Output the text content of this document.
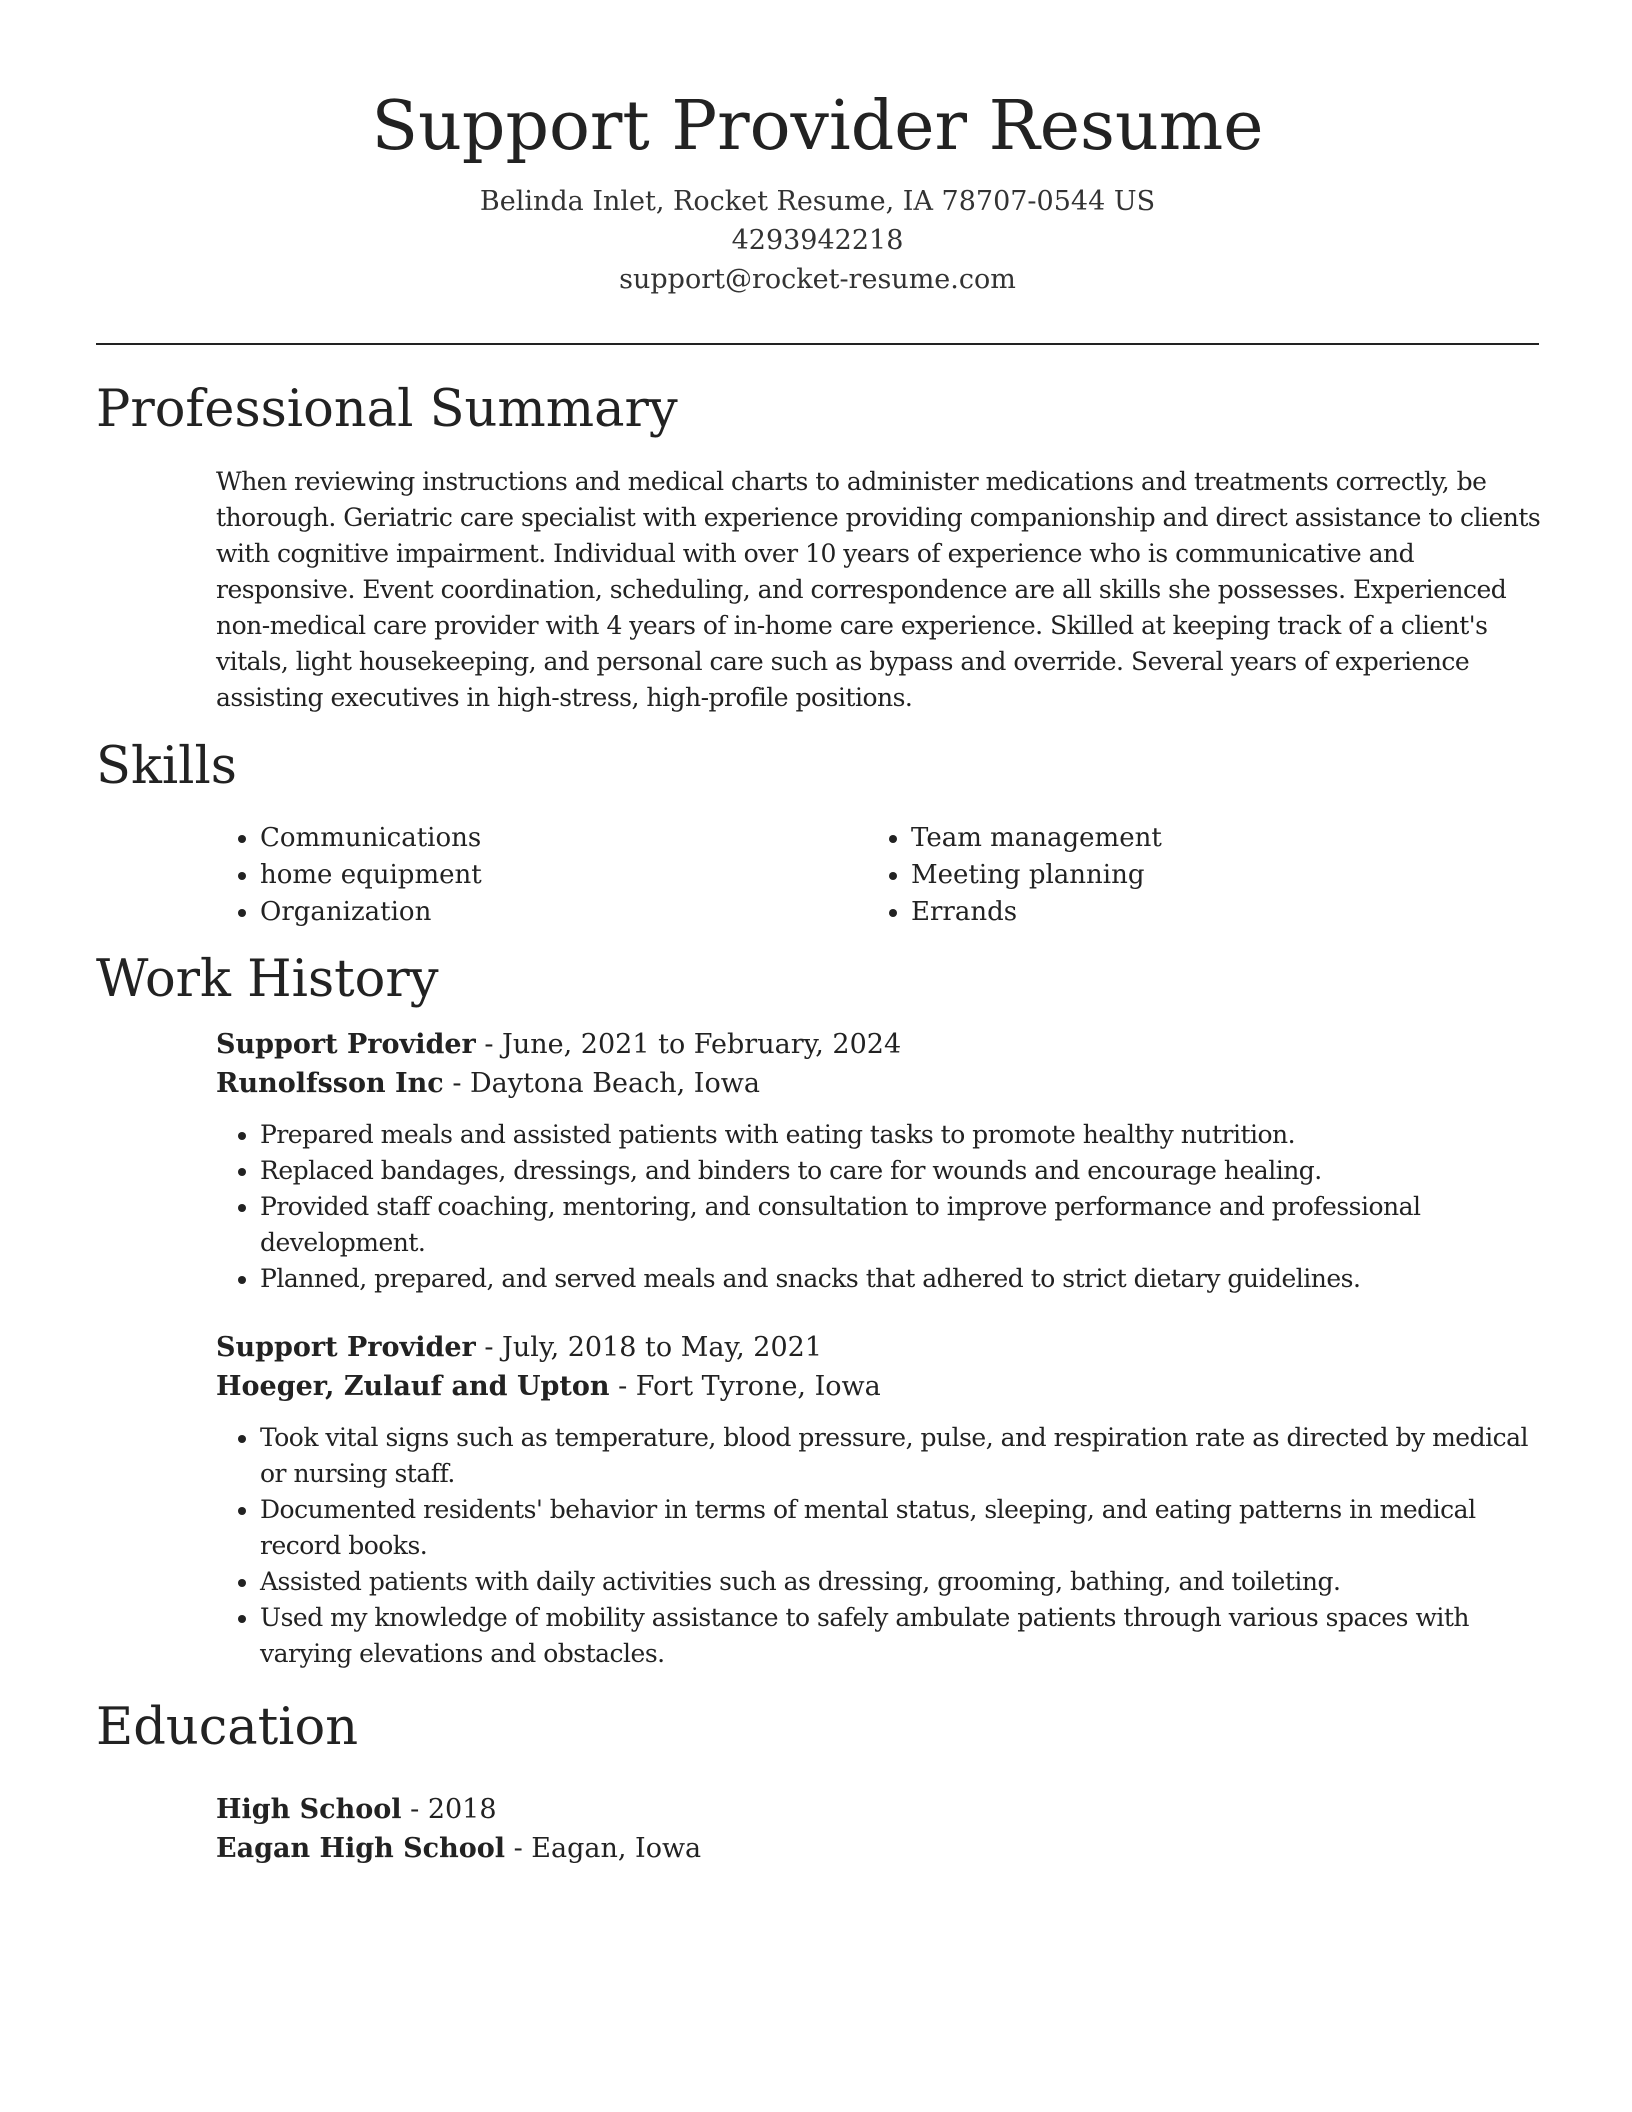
Support Provider Resume
Belinda Inlet, Rocket Resume, IA 78707-0544 US
4293942218
support@rocket-resume.com
Professional Summary

When reviewing instructions and medical charts to administer medications and treatments correctly, be thorough. Geriatric care specialist with experience providing companionship and direct assistance to clients with cognitive impairment. Individual with over 10 years of experience who is communicative and responsive. Event coordination, scheduling, and correspondence are all skills she possesses. Experienced non-medical care provider with 4 years of in-home care experience. Skilled at keeping track of a client's vitals, light housekeeping, and personal care such as bypass and override. Several years of experience assisting executives in high-stress, high-profile positions.

Skills
• Communications
• home equipment
• Organization
• Team management
• Meeting planning
• Errands
Work History
Support Provider - June, 2021 to February, 2024
Runolfsson Inc - Daytona Beach, Iowa
• Prepared meals and assisted patients with eating tasks to promote healthy nutrition.
• Replaced bandages, dressings, and binders to care for wounds and encourage healing.
• Provided staff coaching, mentoring, and consultation to improve performance and professional development.
• Planned, prepared, and served meals and snacks that adhered to strict dietary guidelines.
Support Provider - July, 2018 to May, 2021
Hoeger, Zulauf and Upton - Fort Tyrone, Iowa
• Took vital signs such as temperature, blood pressure, pulse, and respiration rate as directed by medical or nursing staff.
• Documented residents' behavior in terms of mental status, sleeping, and eating patterns in medical record books.
• Assisted patients with daily activities such as dressing, grooming, bathing, and toileting.
• Used my knowledge of mobility assistance to safely ambulate patients through various spaces with varying elevations and obstacles.
Education
High School - 2018
Eagan High School - Eagan, Iowa
